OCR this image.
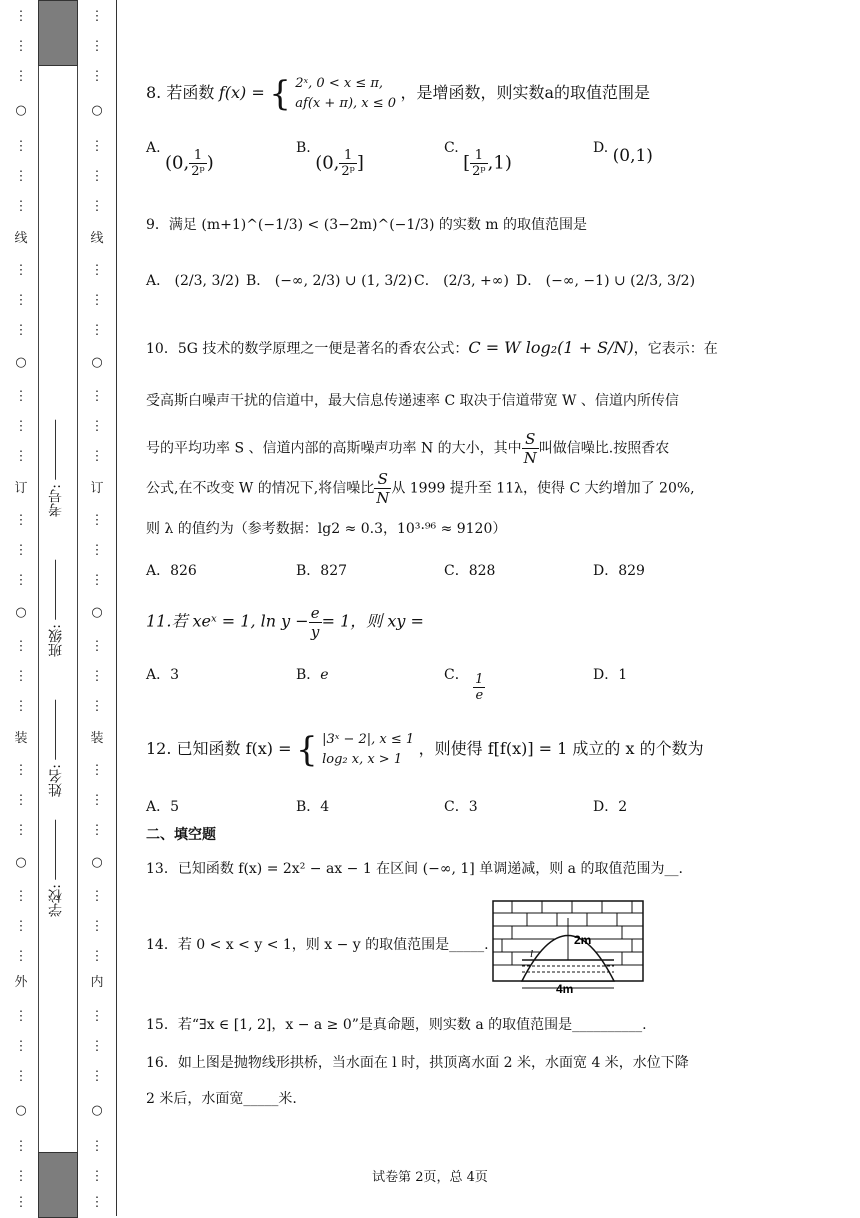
⋮
⋮
⋮
○
⋮
⋮
⋮
线
⋮
⋮
⋮
○
⋮
⋮
⋮
订
⋮
⋮
⋮
○
⋮
⋮
⋮
装
⋮
⋮
⋮
○
⋮
⋮
⋮
外
⋮
⋮
⋮
○
⋮
⋮
⋮
⋮
⋮
⋮
○
⋮
⋮
⋮
线
⋮
⋮
⋮
○
⋮
⋮
⋮
订
⋮
⋮
⋮
○
⋮
⋮
⋮
装
⋮
⋮
⋮
○
⋮
⋮
⋮
内
⋮
⋮
⋮
○
⋮
⋮
⋮
考号:
班级:
姓名:
学校:
8. 若函数 f(x) = { 2ˣ, 0 < x ≤ π,
af(x + π), x ≤ 0
，是增函数，则实数a的取值范围是
A. (0, $\frac{1}{\text{2ᵖ}}$ )
B. (0, $\frac{1}{\text{2ᵖ}}$ ]
C. [ $\frac{1}{\text{2ᵖ}} ,1$)
D. (0,1)
9．满足 (m+1)^(−1/3) < (3−2m)^(−1/3) 的实数 m 的取值范围是
A． (2/3, 3/2) B． (−∞, 2/3) ∪ (1, 3/2) C． (2/3, +∞) D． (−∞, −1) ∪ (2/3, 3/2)
10．5G 技术的数学原理之一便是著名的香农公式：C = W log₂(1 + S/N)，它表示：在
受高斯白噪声干扰的信道中，最大信息传递速率 C 取决于信道带宽 W 、信道内所传信
号的平均功率 S 、信道内部的高斯噪声功率 N 的大小，其中 $\frac{S}{N}$ 叫做信噪比.按照香农
公式,在不改变 W 的情况下,将信噪比 $\frac{S}{N}$ 从 1999 提升至 11λ，使得 C 大约增加了 20%,
则 λ 的值约为（参考数据：lg2 ≈ 0.3，10³·⁹⁶ ≈ 9120）
A．826	B．827	C．828	D．829
11.若 xeˣ = 1, $\ln y - \frac{e}{y} = 1$，则 xy =
A．3	B．e	C． $\frac{1}{e}$	D．1
12. 已知函数 f(x) = { |3ˣ − 2|, x ≤ 1
log₂ x, x > 1
，则使得 f[f(x)] = 1 成立的 x 的个数为
A．5	B．4	C．3	D．2
二、填空题
13．已知函数 f(x) = 2x² − ax − 1 在区间 (−∞, 1] 单调递减，则 a 的取值范围为__.
14．若 0 < x < y < 1，则 x − y 的取值范围是_____.	2m
l
4m
15．若“∃x ∈ [1, 2]，x − a ≥ 0”是真命题，则实数 a 的取值范围是__________.
16．如上图是抛物线形拱桥，当水面在 l 时，拱顶离水面 2 米，水面宽 4 米，水位下降
2 米后，水面宽_____米.
试卷第 2页，总 4页
